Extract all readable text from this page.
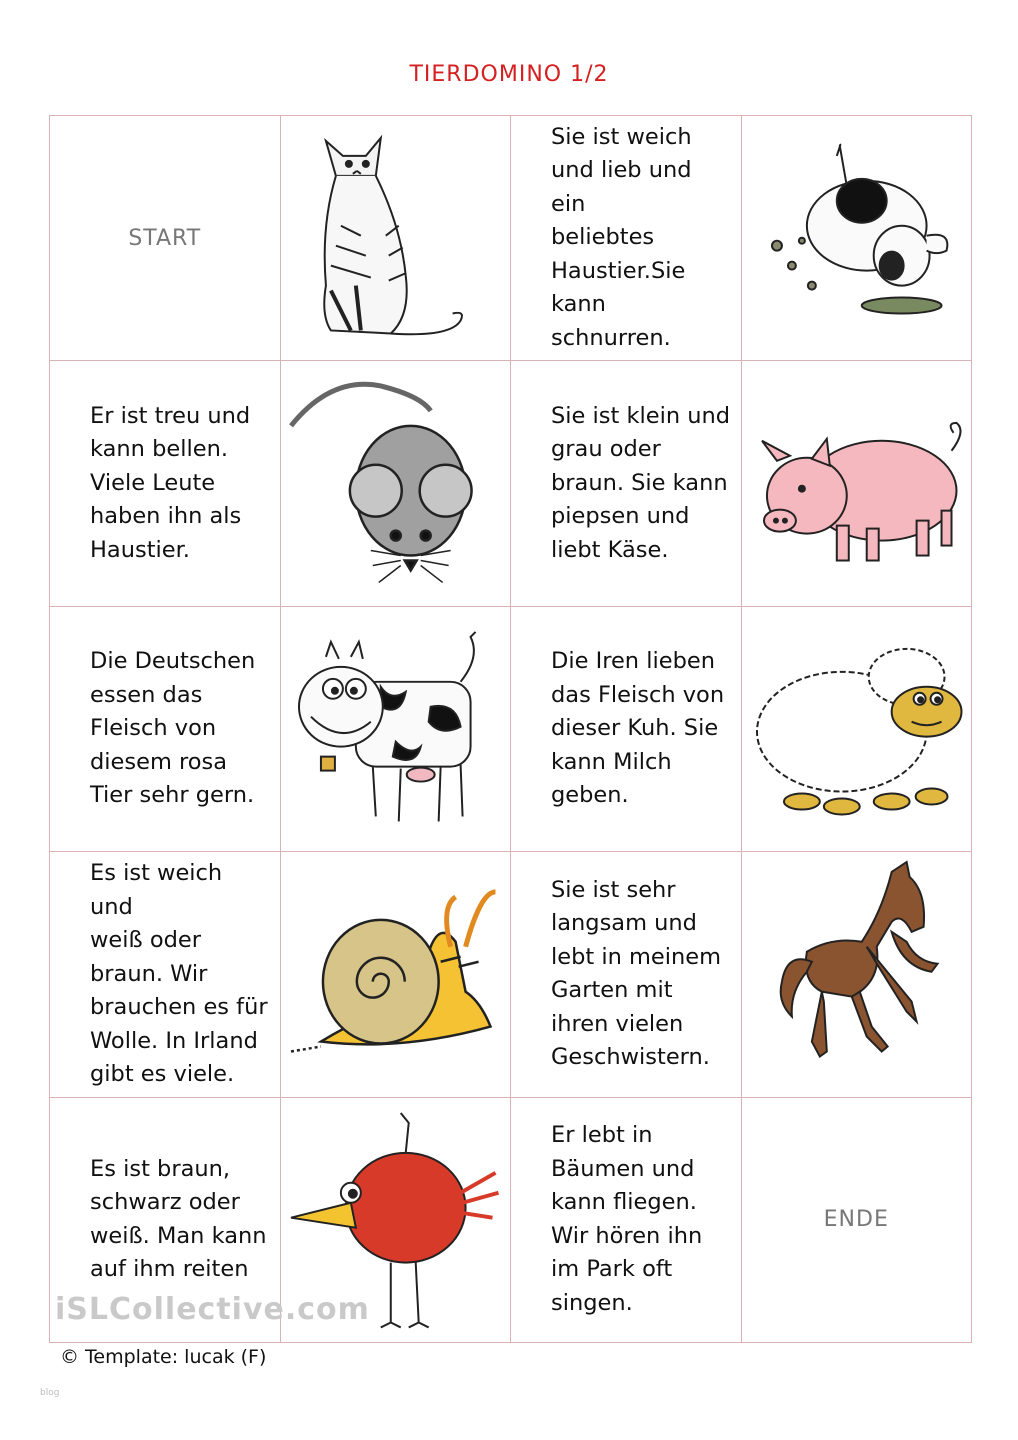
TIERDOMINO 1/2
START

Sie ist weich
und lieb und ein
beliebtes
Haustier.Sie
kann schnurren.

Er ist treu und
kann bellen.
Viele Leute
haben ihn als
Haustier.

Sie ist klein und
grau oder
braun. Sie kann
piepsen und
liebt Käse.

Die Deutschen
essen das
Fleisch von
diesem rosa
Tier sehr gern.

Die Iren lieben
das Fleisch von
dieser Kuh. Sie
kann Milch
geben.

Es ist weich und
weiß oder
braun. Wir
brauchen es für
Wolle. In Irland
gibt es viele.

Sie ist sehr
langsam und
lebt in meinem
Garten mit
ihren vielen
Geschwistern.

Es ist braun,
schwarz oder
weiß. Man kann
auf ihm reiten

Er lebt in
Bäumen und
kann fliegen.
Wir hören ihn
im Park oft
singen.

ENDE
iSLCollective.com
© Template: lucak (F)
blog
